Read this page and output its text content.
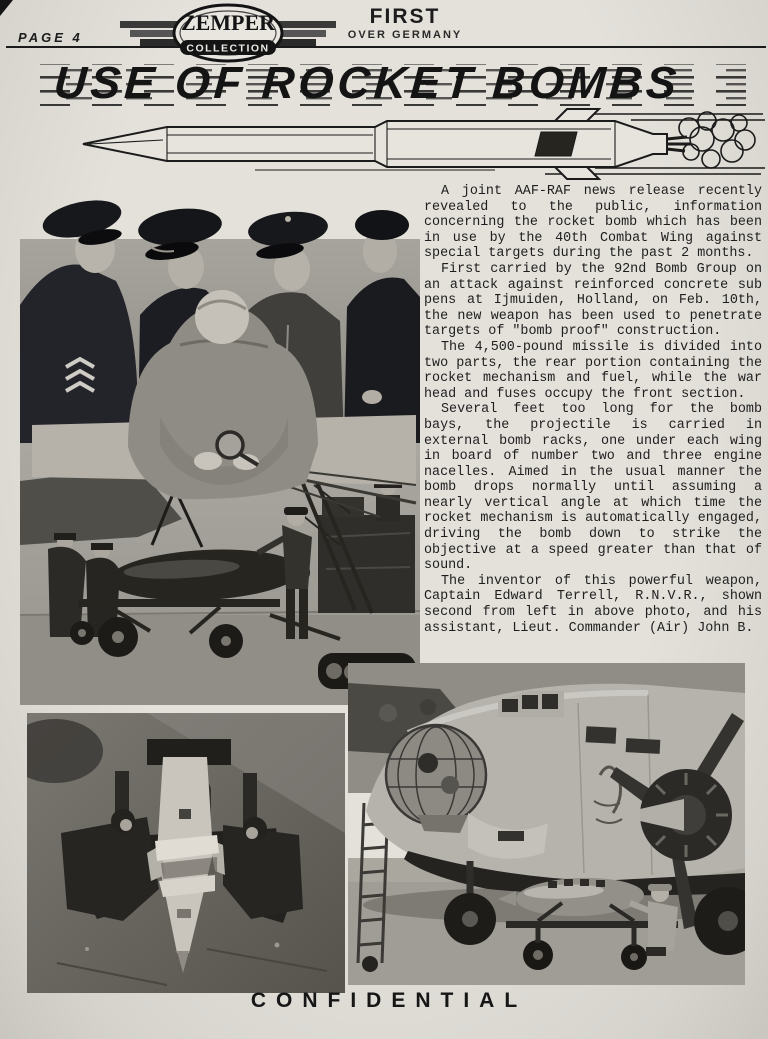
PAGE 4
ZEMPER
COLLECTION
FIRST
OVER GERMANY
USE OF ROCKET BOMBS

A joint AAF-RAF news release recently revealed to the public, information concerning the rocket bomb which has been in use by the 40th Combat Wing against special targets during the past 2 months.

First carried by the 92nd Bomb Group on an attack against reinforced concrete sub pens at Ijmuiden, Holland, on Feb. 10th, the new weapon has been used to penetrate targets of "bomb proof" construction.

The 4,500-pound missile is divided into two parts, the rear portion containing the rocket mechanism and fuel, while the war head and fuses occupy the front section.

Several feet too long for the bomb bays, the projectile is carried in external bomb racks, one under each wing in board of number two and three engine nacelles. Aimed in the usual manner the bomb drops normally until assuming a nearly vertical angle at which time the rocket mechanism is automatically engaged, driving the bomb down to strike the objective at a speed greater than that of sound.

The inventor of this powerful weapon, Captain Edward Terrell, R.N.V.R., shown second from left in above photo, and his assistant, Lieut. Commander (Air) John B.

CONFIDENTIAL
